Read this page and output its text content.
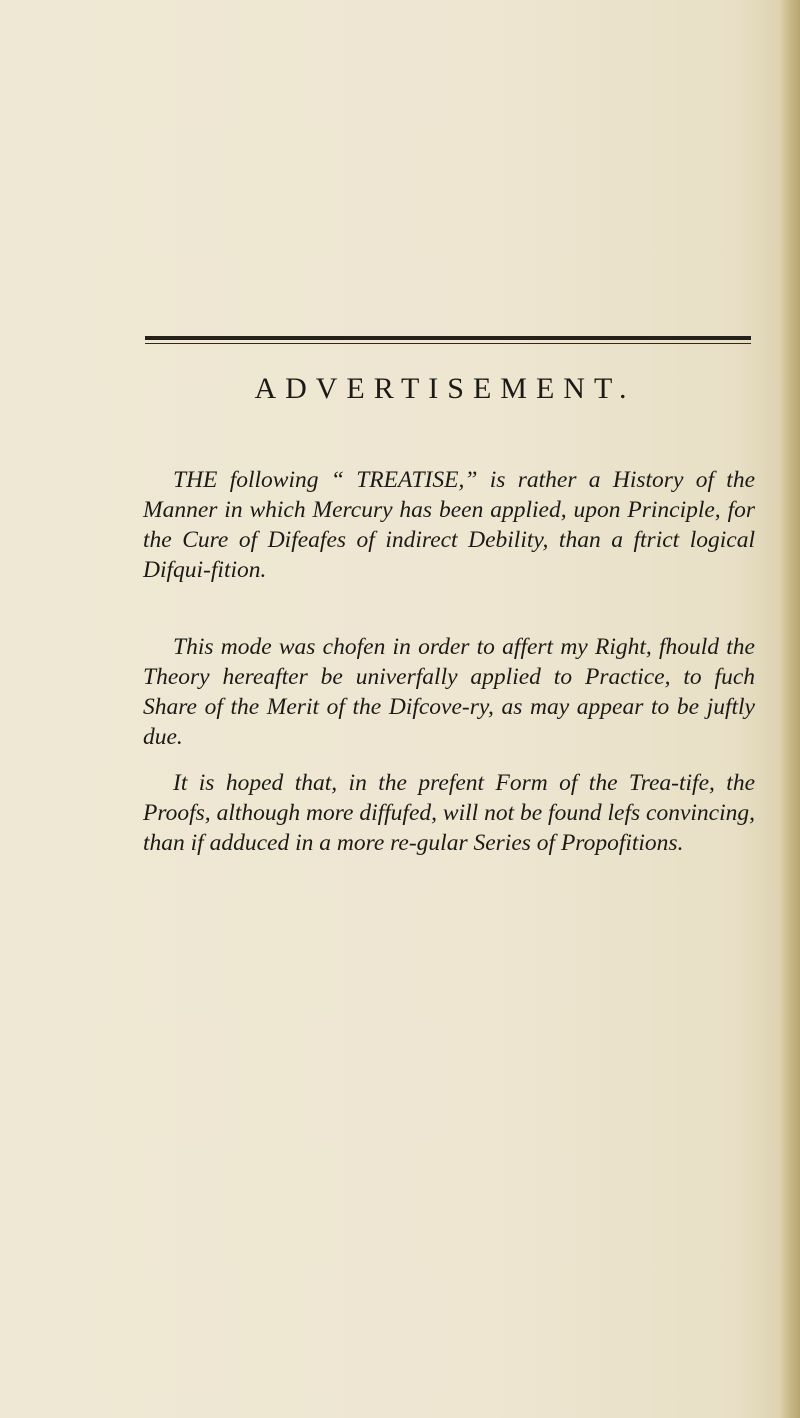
ADVERTISEMENT.

THE following “ TREATISE,” is rather a History of the Manner in which Mercury has been applied, upon Principle, for the Cure of Difeafes of indirect Debility, than a ftrict logical Difqui-fition.

This mode was chofen in order to affert my Right, fhould the Theory hereafter be univerfally applied to Practice, to fuch Share of the Merit of the Difcove-ry, as may appear to be juftly due.

It is hoped that, in the prefent Form of the Trea-tife, the Proofs, although more diffufed, will not be found lefs convincing, than if adduced in a more re-gular Series of Propofitions.
